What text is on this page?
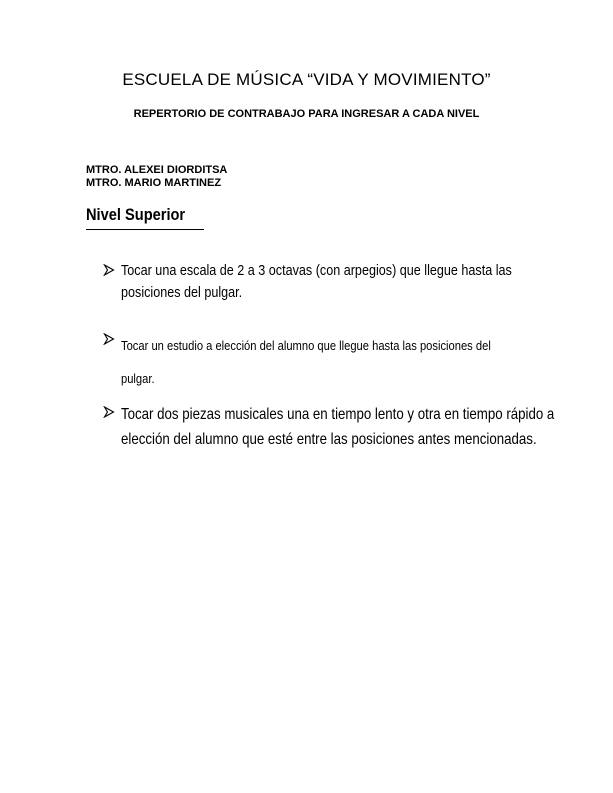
ESCUELA DE MÚSICA “VIDA Y MOVIMIENTO”
REPERTORIO DE CONTRABAJO PARA INGRESAR A CADA NIVEL
MTRO. ALEXEI DIORDITSA
MTRO. MARIO MARTINEZ
Nivel Superior
Tocar una escala de 2 a 3 octavas (con arpegios) que llegue hasta las
posiciones del pulgar.
Tocar un estudio a elección del alumno que llegue hasta las posiciones del
pulgar.
Tocar dos piezas musicales una en tiempo lento y otra en tiempo rápido a
elección del alumno que esté entre las posiciones antes mencionadas.
